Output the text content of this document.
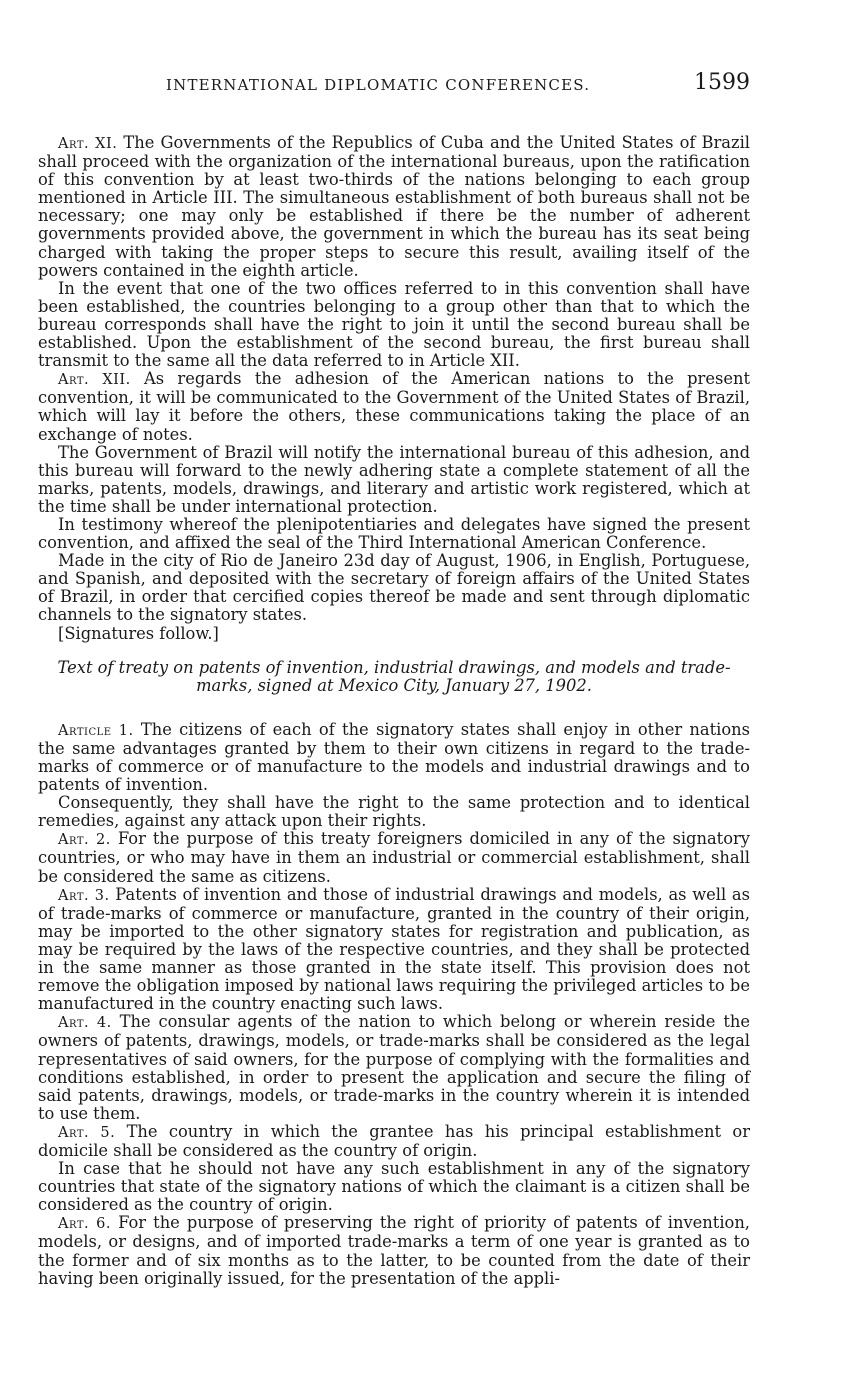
INTERNATIONAL DIPLOMATIC CONFERENCES.	1599

Art. XI. The Governments of the Republics of Cuba and the United States of Brazil shall proceed with the organization of the international bureaus, upon the ratification of this convention by at least two-thirds of the nations belonging to each group mentioned in Article III. The simultaneous establishment of both bureaus shall not be necessary; one may only be established if there be the number of adherent governments provided above, the government in which the bureau has its seat being charged with taking the proper steps to secure this result, availing itself of the powers contained in the eighth article.

In the event that one of the two offices referred to in this convention shall have been established, the countries belonging to a group other than that to which the bureau corresponds shall have the right to join it until the second bureau shall be established. Upon the establishment of the second bureau, the first bureau shall transmit to the same all the data referred to in Article XII.

Art. XII. As regards the adhesion of the American nations to the present convention, it will be communicated to the Government of the United States of Brazil, which will lay it before the others, these communications taking the place of an exchange of notes.

The Government of Brazil will notify the international bureau of this adhesion, and this bureau will forward to the newly adhering state a complete statement of all the marks, patents, models, drawings, and literary and artistic work registered, which at the time shall be under international protection.

In testimony whereof the plenipotentiaries and delegates have signed the present convention, and affixed the seal of the Third International American Conference.

Made in the city of Rio de Janeiro 23d day of August, 1906, in English, Portuguese, and Spanish, and deposited with the secretary of foreign affairs of the United States of Brazil, in order that cercified copies thereof be made and sent through diplomatic channels to the signatory states.

[Signatures follow.]

Text of treaty on patents of invention, industrial drawings, and models and trade-marks, signed at Mexico City, January 27, 1902.

Article 1. The citizens of each of the signatory states shall enjoy in other nations the same advantages granted by them to their own citizens in regard to the trade-marks of commerce or of manufacture to the models and industrial drawings and to patents of invention.

Consequently, they shall have the right to the same protection and to identical remedies, against any attack upon their rights.

Art. 2. For the purpose of this treaty foreigners domiciled in any of the signatory countries, or who may have in them an industrial or commercial establishment, shall be considered the same as citizens.

Art. 3. Patents of invention and those of industrial drawings and models, as well as of trade-marks of commerce or manufacture, granted in the country of their origin, may be imported to the other signatory states for registration and publication, as may be required by the laws of the respective countries, and they shall be protected in the same manner as those granted in the state itself. This provision does not remove the obligation imposed by national laws requiring the privileged articles to be manufactured in the country enacting such laws.

Art. 4. The consular agents of the nation to which belong or wherein reside the owners of patents, drawings, models, or trade-marks shall be considered as the legal representatives of said owners, for the purpose of complying with the formalities and conditions established, in order to present the application and secure the filing of said patents, drawings, models, or trade-marks in the country wherein it is intended to use them.

Art. 5. The country in which the grantee has his principal establishment or domicile shall be considered as the country of origin.

In case that he should not have any such establishment in any of the signatory countries that state of the signatory nations of which the claimant is a citizen shall be considered as the country of origin.

Art. 6. For the purpose of preserving the right of priority of patents of invention, models, or designs, and of imported trade-marks a term of one year is granted as to the former and of six months as to the latter, to be counted from the date of their having been originally issued, for the presentation of the appli-
